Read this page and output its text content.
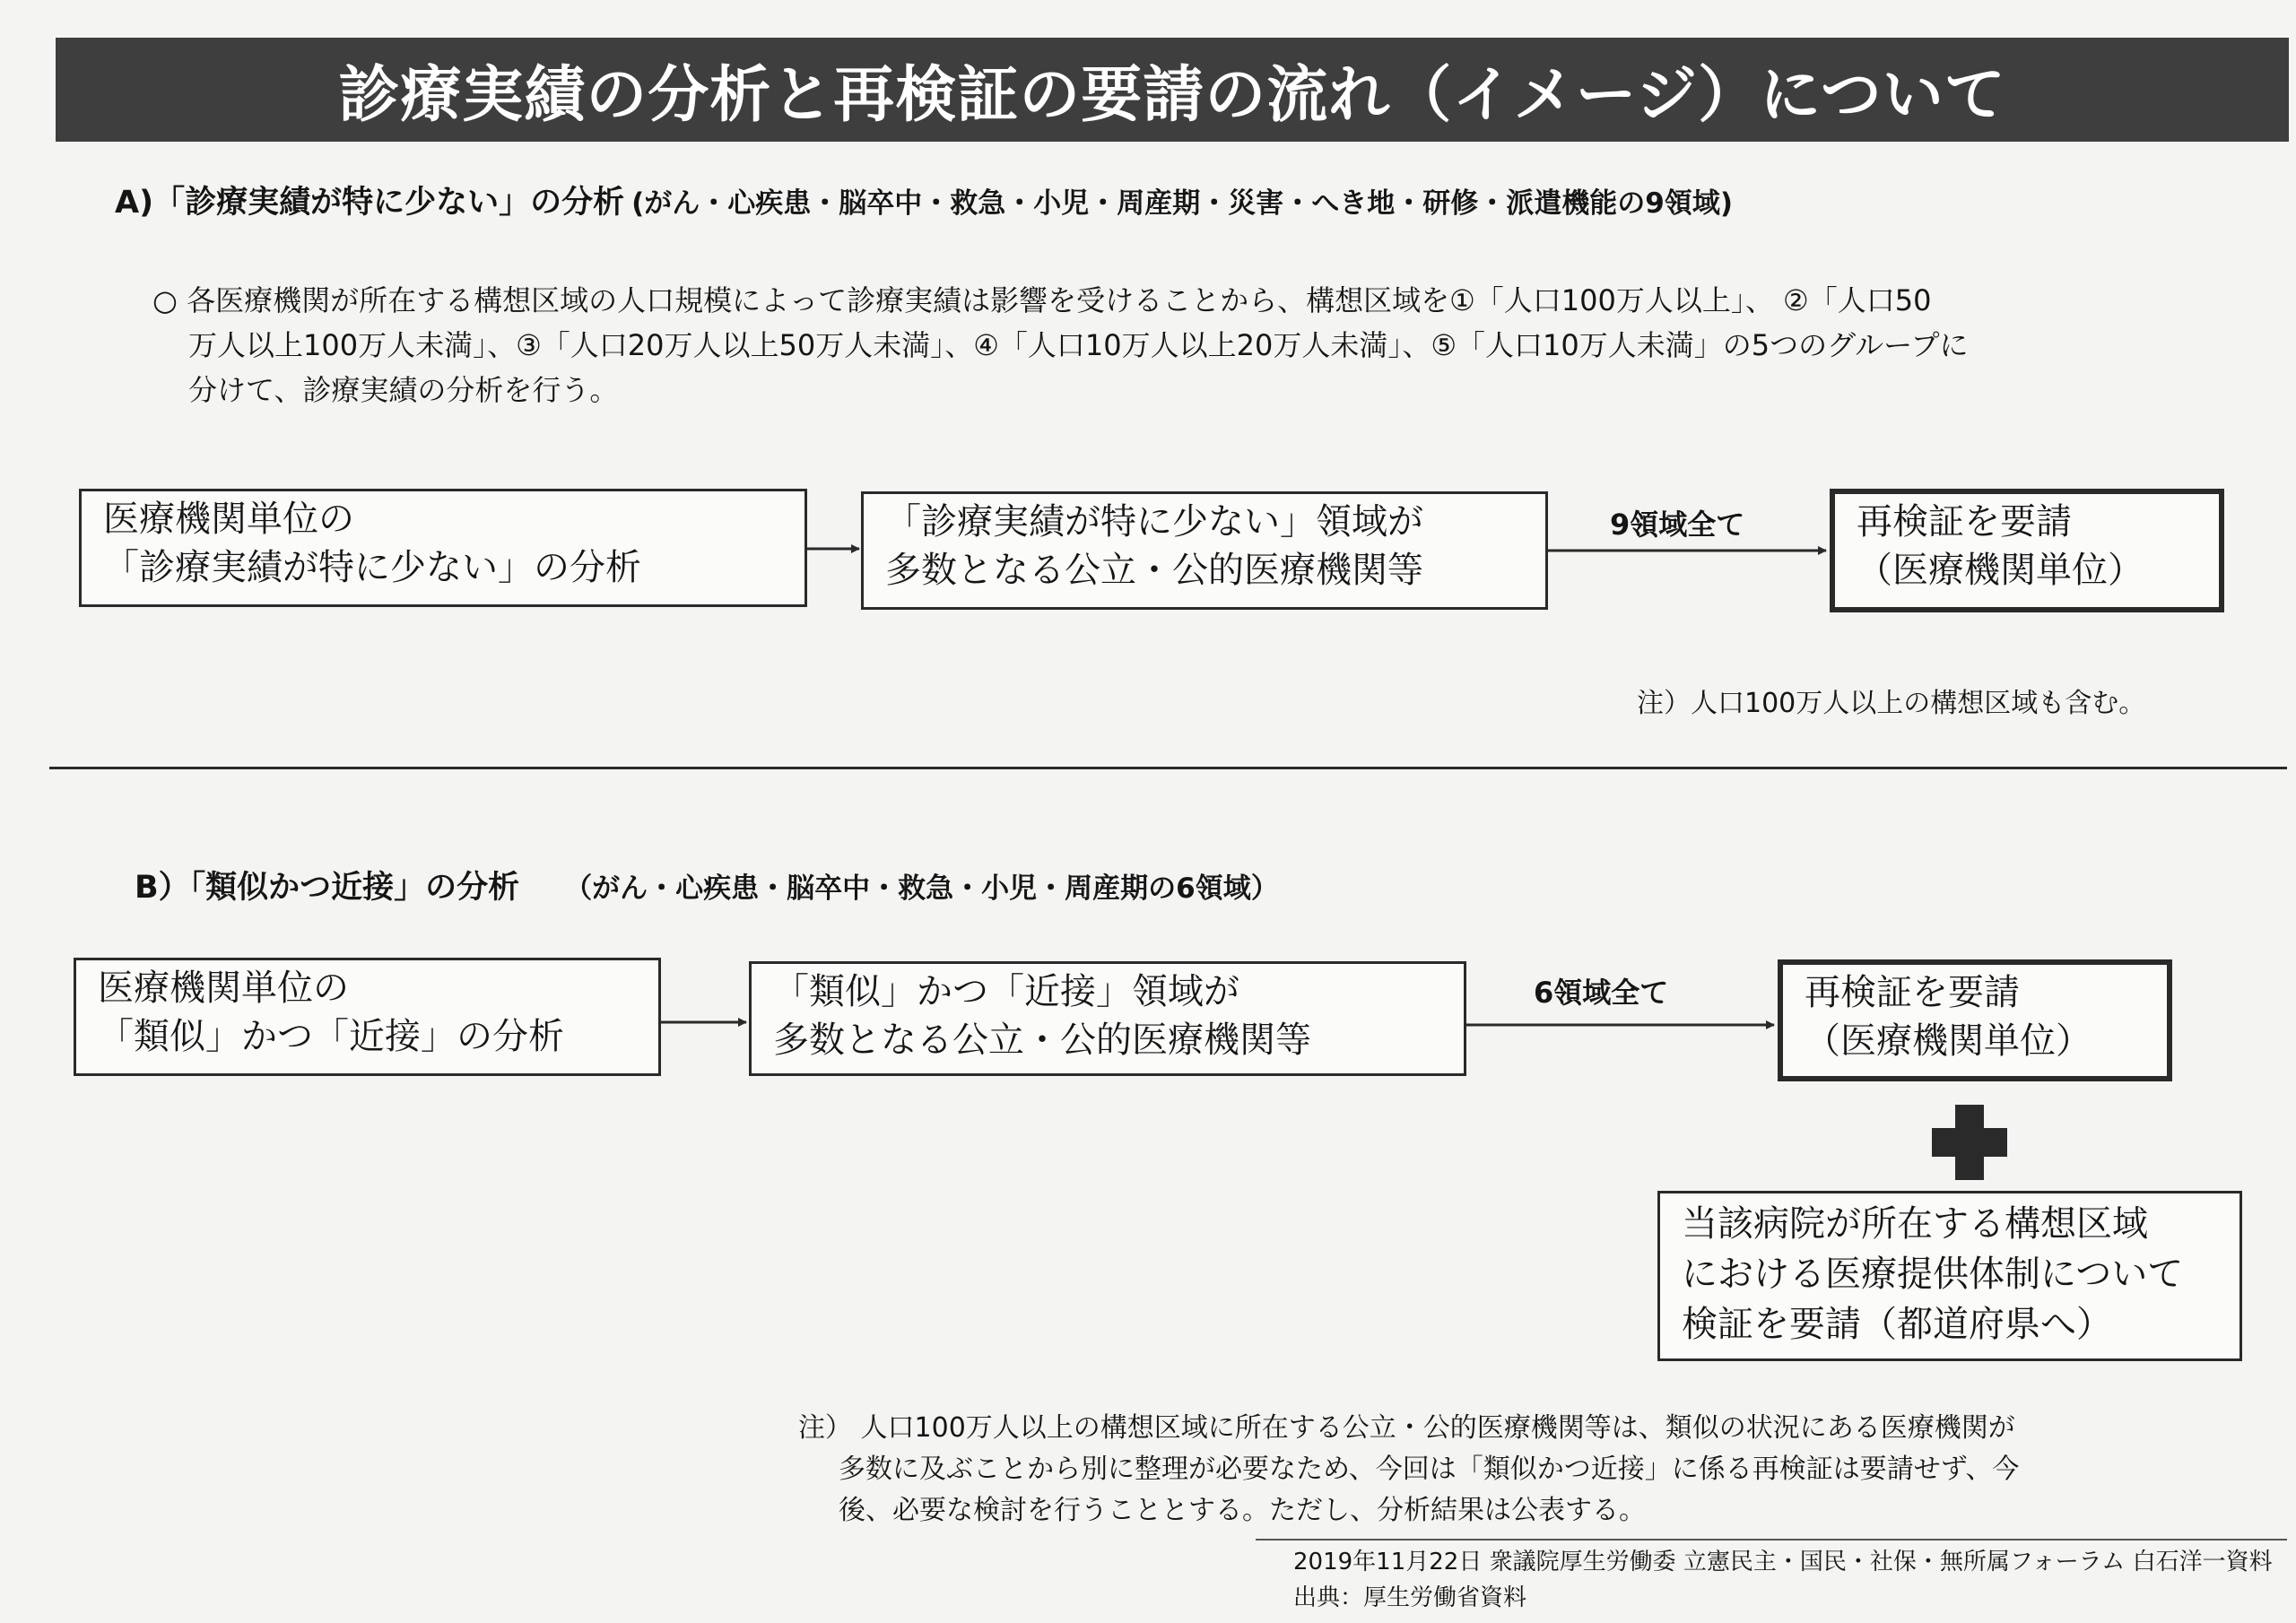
診療実績の分析と再検証の要請の流れ（イメージ）について
A)「診療実績が特に少ない」の分析 (がん・心疾患・脳卒中・救急・小児・周産期・災害・へき地・研修・派遣機能の9領域)
○ 各医療機関が所在する構想区域の人口規模によって診療実績は影響を受けることから、構想区域を①「人口100万人以上」、 ②「人口50
万人以上100万人未満」、③「人口20万人以上50万人未満」、④「人口10万人以上20万人未満」、⑤「人口10万人未満」の5つのグループに
分けて、診療実績の分析を行う。
医療機関単位の
「診療実績が特に少ない」の分析
「診療実績が特に少ない」領域が
多数となる公立・公的医療機関等
9領域全て	再検証を要請
（医療機関単位）
注）人口100万人以上の構想区域も含む。
B）「類似かつ近接」の分析 （がん・心疾患・脳卒中・救急・小児・周産期の6領域）
医療機関単位の
「類似」かつ「近接」の分析
「類似」かつ「近接」領域が
多数となる公立・公的医療機関等
6領域全て	再検証を要請
（医療機関単位）
当該病院が所在する構想区域
における医療提供体制について
検証を要請（都道府県へ）
注） 人口100万人以上の構想区域に所在する公立・公的医療機関等は、類似の状況にある医療機関が
多数に及ぶことから別に整理が必要なため、今回は「類似かつ近接」に係る再検証は要請せず、今
後、必要な検討を行うこととする。ただし、分析結果は公表する。
2019年11月22日 衆議院厚生労働委 立憲民主・国民・社保・無所属フォーラム 白石洋一資料
出典：厚生労働省資料
